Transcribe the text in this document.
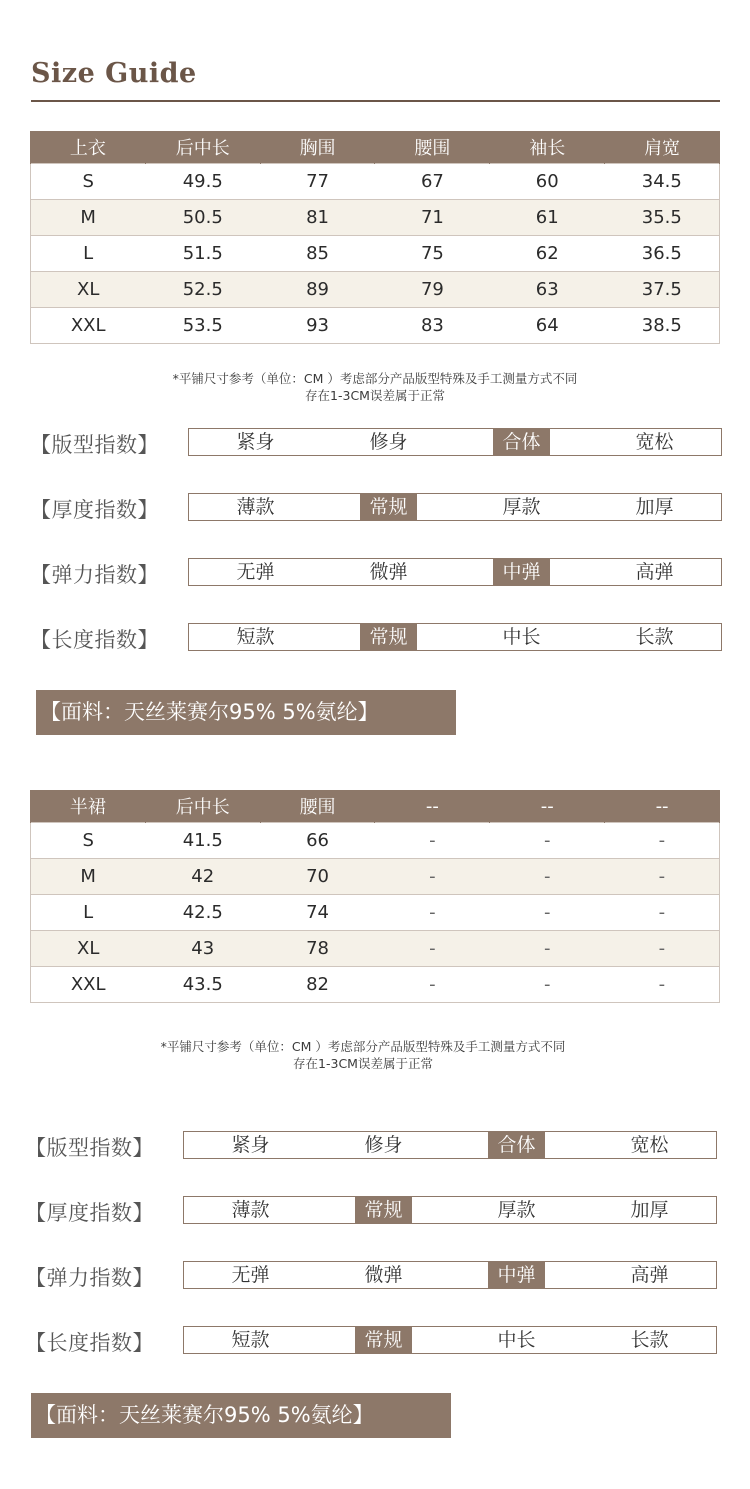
Size Guide
上衣	后中长	胸围	腰围	袖长	肩宽
S	49.5	77	67	60	34.5
M	50.5	81	71	61	35.5
L	51.5	85	75	62	36.5
XL	52.5	89	79	63	37.5
XXL	53.5	93	83	64	38.5
*平铺尺寸参考（单位：CM ）考虑部分产品版型特殊及手工测量方式不同
存在1-3CM误差属于正常
【版型指数】	紧身	修身	合体	宽松
【厚度指数】	薄款	常规	厚款	加厚
【弹力指数】	无弹	微弹	中弹	高弹
【长度指数】	短款	常规	中长	长款
【面料：天丝莱赛尔95% 5%氨纶】
半裙	后中长	腰围	--	--	--
S	41.5	66	-	-	-
M	42	70	-	-	-
L	42.5	74	-	-	-
XL	43	78	-	-	-
XXL	43.5	82	-	-	-
*平铺尺寸参考（单位：CM ）考虑部分产品版型特殊及手工测量方式不同
存在1-3CM误差属于正常
【版型指数】	紧身	修身	合体	宽松
【厚度指数】	薄款	常规	厚款	加厚
【弹力指数】	无弹	微弹	中弹	高弹
【长度指数】	短款	常规	中长	长款
【面料：天丝莱赛尔95% 5%氨纶】
